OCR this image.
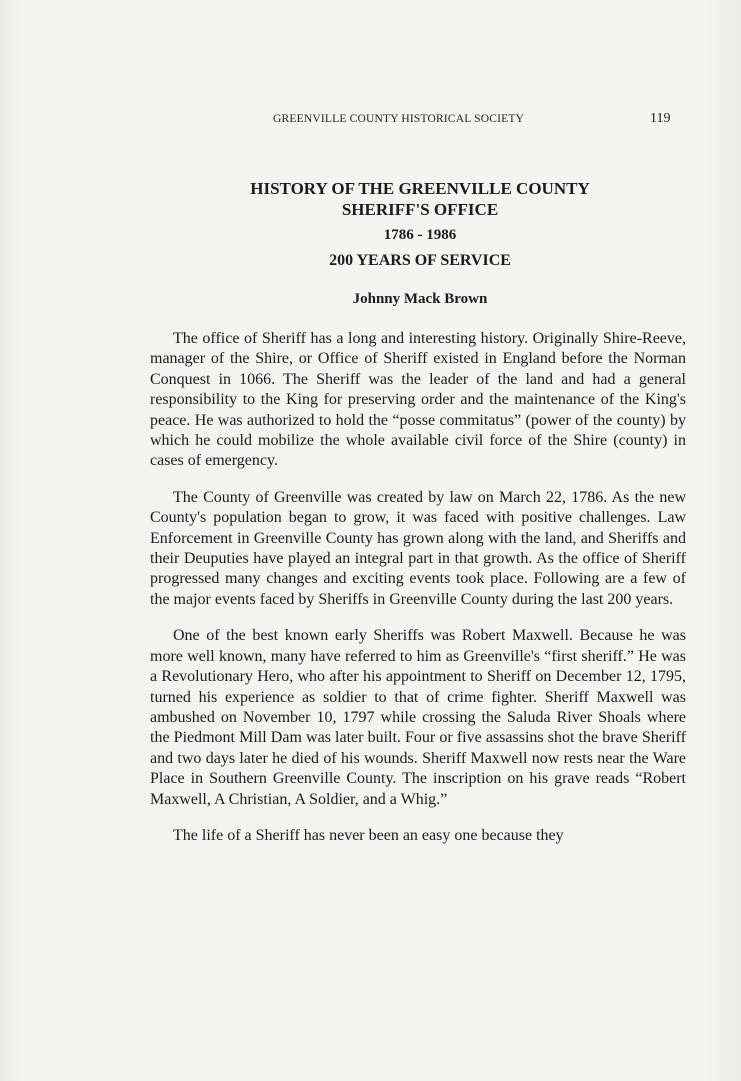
GREENVILLE COUNTY HISTORICAL SOCIETY	119
HISTORY OF THE GREENVILLE COUNTY
SHERIFF'S OFFICE
1786 - 1986
200 YEARS OF SERVICE
Johnny Mack Brown

The office of Sheriff has a long and interesting history. Originally Shire-Reeve, manager of the Shire, or Office of Sheriff existed in England before the Norman Conquest in 1066. The Sheriff was the leader of the land and had a general responsibility to the King for preserving order and the maintenance of the King's peace. He was authorized to hold the “posse commitatus” (power of the county) by which he could mobilize the whole available civil force of the Shire (county) in cases of emergency.

The County of Greenville was created by law on March 22, 1786. As the new County's population began to grow, it was faced with positive challenges. Law Enforcement in Greenville County has grown along with the land, and Sheriffs and their Deuputies have played an integral part in that growth. As the office of Sheriff progressed many changes and exciting events took place. Following are a few of the major events faced by Sheriffs in Greenville County during the last 200 years.

One of the best known early Sheriffs was Robert Maxwell. Because he was more well known, many have referred to him as Greenville's “first sheriff.” He was a Revolutionary Hero, who after his appointment to Sheriff on December 12, 1795, turned his experience as soldier to that of crime fighter. Sheriff Maxwell was ambushed on November 10, 1797 while crossing the Saluda River Shoals where the Piedmont Mill Dam was later built. Four or five assassins shot the brave Sheriff and two days later he died of his wounds. Sheriff Maxwell now rests near the Ware Place in Southern Greenville County. The inscription on his grave reads “Robert Maxwell, A Christian, A Soldier, and a Whig.”

The life of a Sheriff has never been an easy one because they
